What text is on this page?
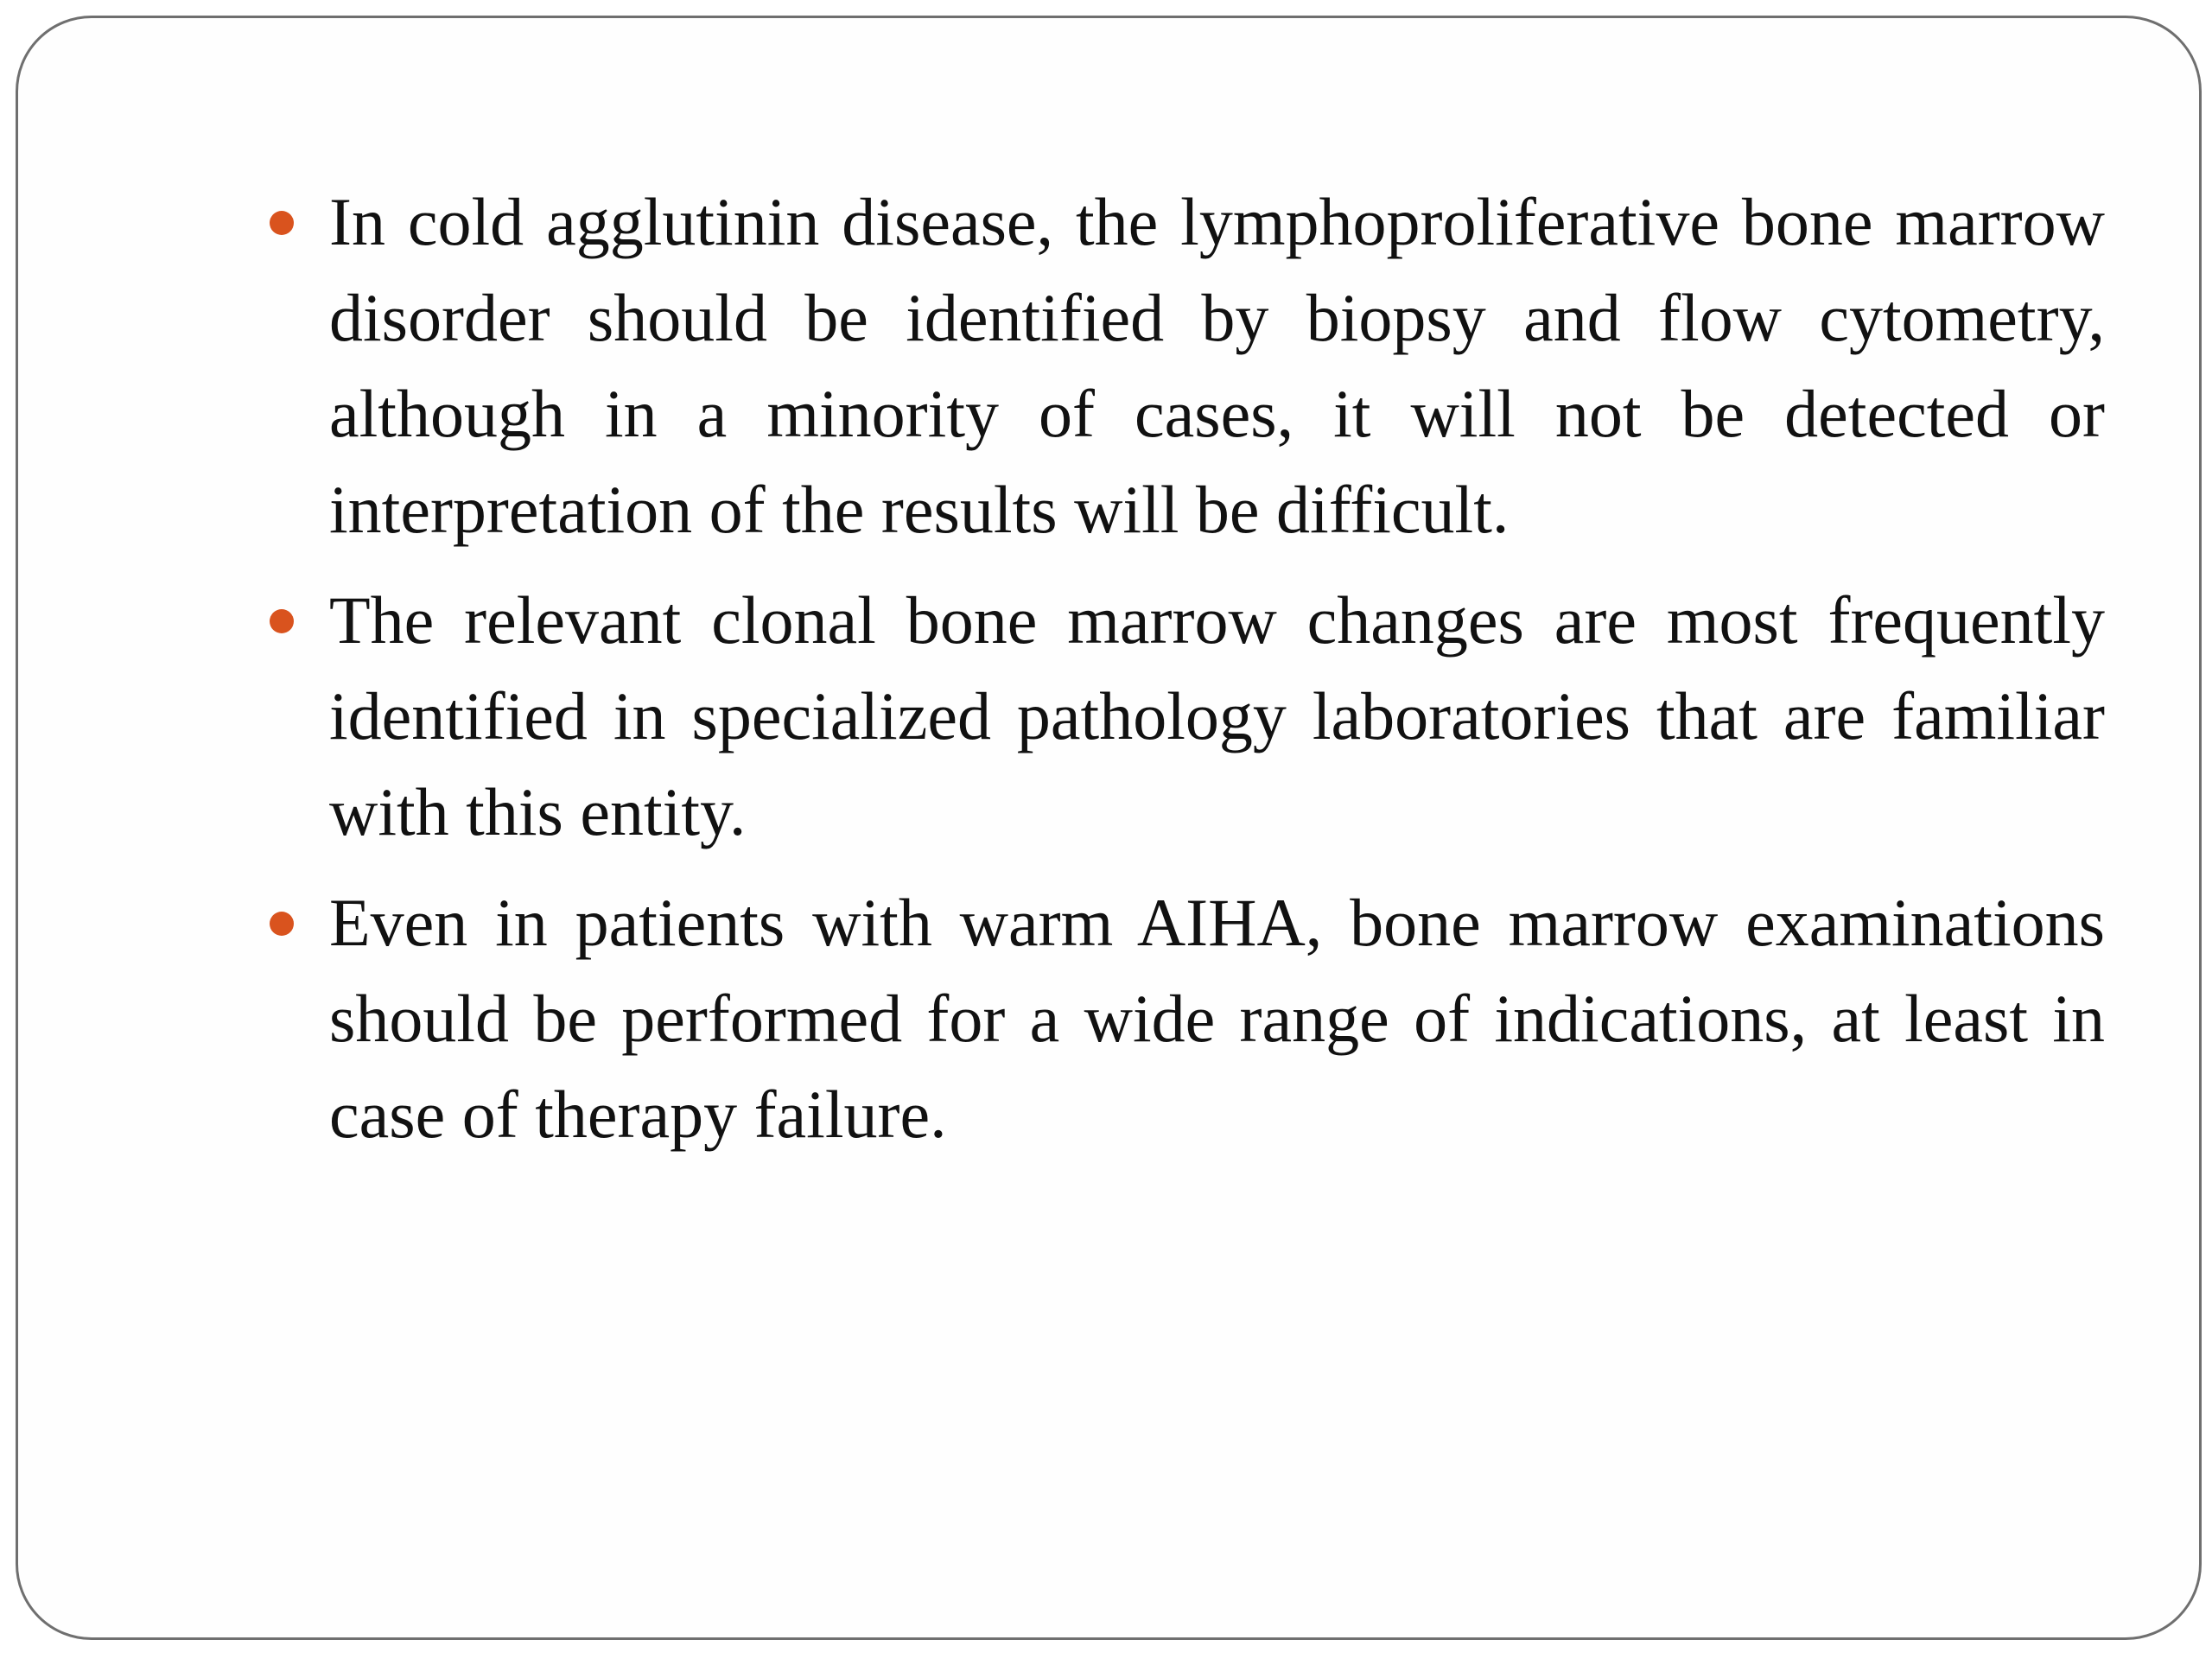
In cold agglutinin disease, the lymphoproliferative bone marrow disorder should be identified by biopsy and flow cytometry, although in a minority of cases, it will not be detected or interpretation of the results will be difficult.

The relevant clonal bone marrow changes are most frequently identified in specialized pathology laboratories that are familiar with this entity.

Even in patients with warm AIHA, bone marrow examinations should be performed for a wide range of indications, at least in case of therapy failure.
